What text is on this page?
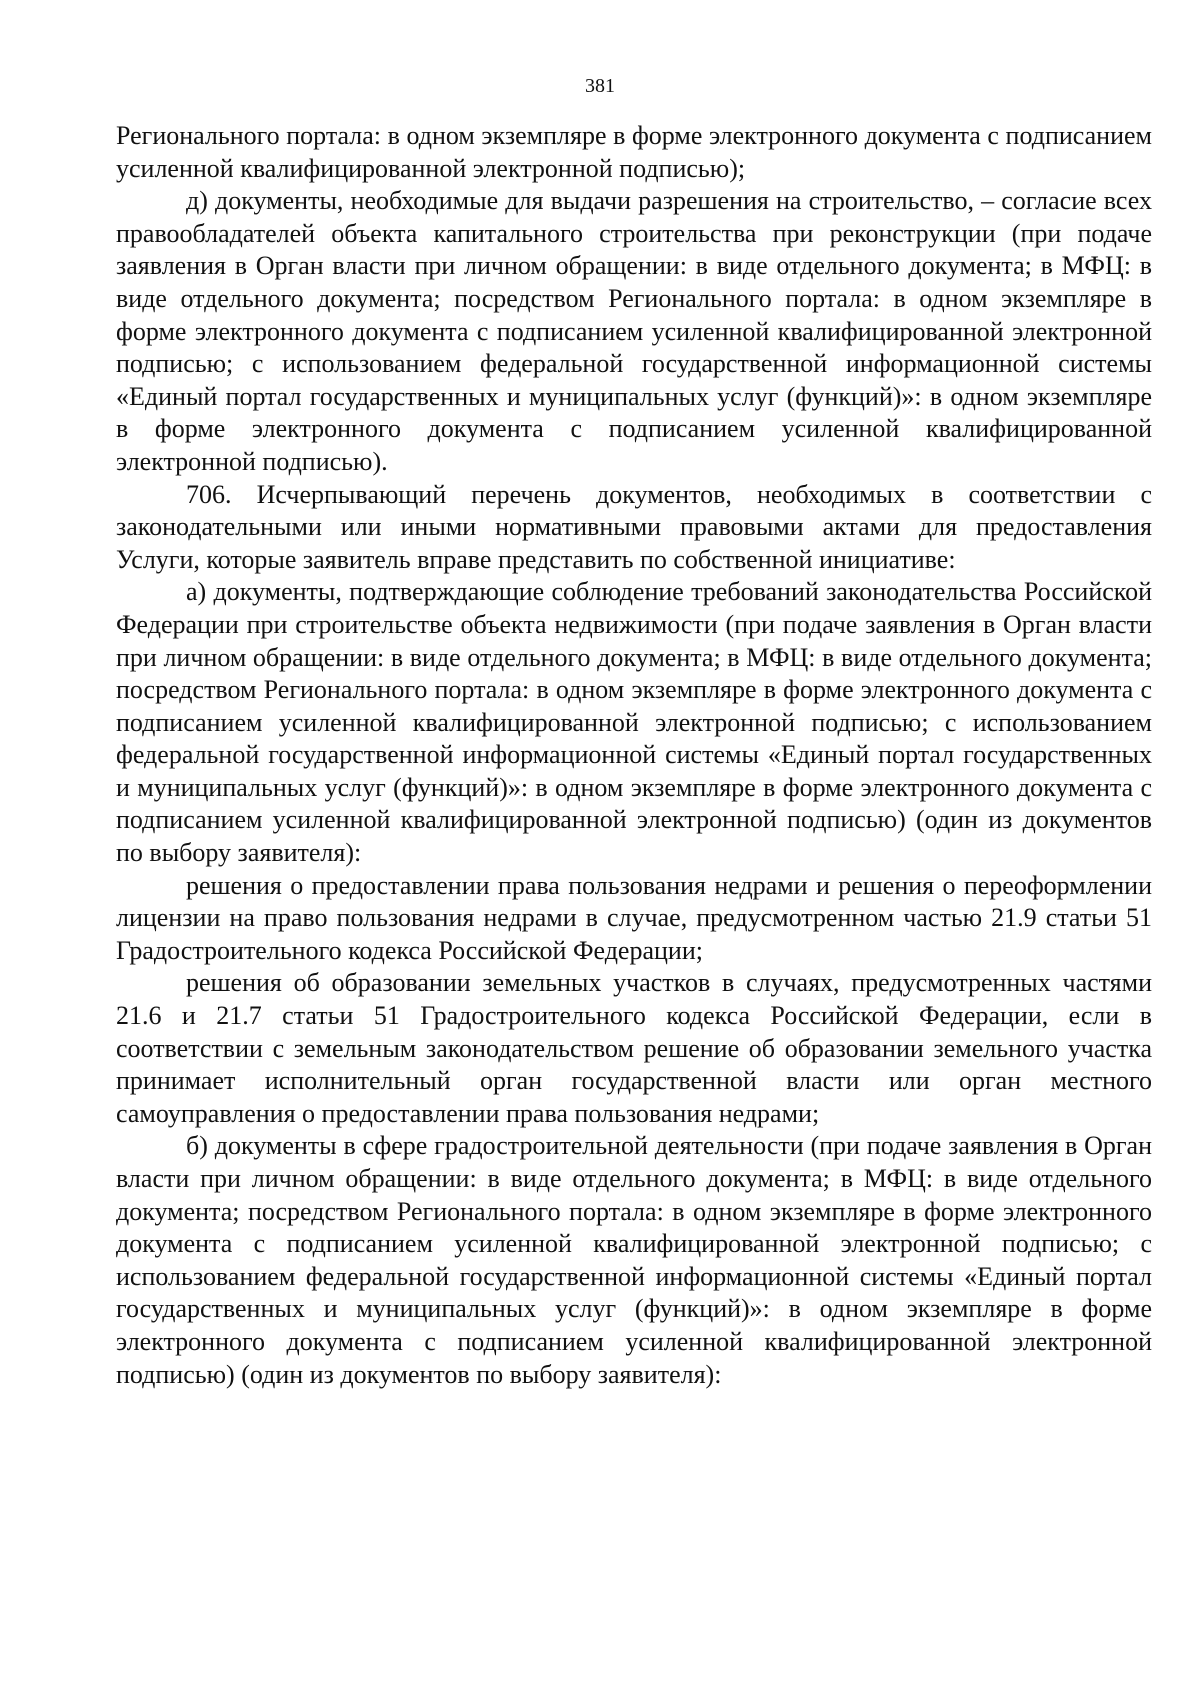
381

Регионального портала: в одном экземпляре в форме электронного документа с подписанием усиленной квалифицированной электронной подписью);

д) документы, необходимые для выдачи разрешения на строительство, – согласие всех правообладателей объекта капитального строительства при реконструкции (при подаче заявления в Орган власти при личном обращении: в виде отдельного документа; в МФЦ: в виде отдельного документа; посредством Регионального портала: в одном экземпляре в форме электронного документа с подписанием усиленной квалифицированной электронной подписью; с использованием федеральной государственной информационной системы «Единый портал государственных и муниципальных услуг (функций)»: в одном экземпляре в форме электронного документа с подписанием усиленной квалифицированной электронной подписью).

706. Исчерпывающий перечень документов, необходимых в соответствии с законодательными или иными нормативными правовыми актами для предоставления Услуги, которые заявитель вправе представить по собственной инициативе:

а) документы, подтверждающие соблюдение требований законодательства Российской Федерации при строительстве объекта недвижимости (при подаче заявления в Орган власти при личном обращении: в виде отдельного документа; в МФЦ: в виде отдельного документа; посредством Регионального портала: в одном экземпляре в форме электронного документа с подписанием усиленной квалифицированной электронной подписью; с использованием федеральной государственной информационной системы «Единый портал государственных и муниципальных услуг (функций)»: в одном экземпляре в форме электронного документа с подписанием усиленной квалифицированной электронной подписью) (один из документов по выбору заявителя):

решения о предоставлении права пользования недрами и решения о переоформлении лицензии на право пользования недрами в случае, предусмотренном частью 21.9 статьи 51 Градостроительного кодекса Российской Федерации;

решения об образовании земельных участков в случаях, предусмотренных частями 21.6 и 21.7 статьи 51 Градостроительного кодекса Российской Федерации, если в соответствии с земельным законодательством решение об образовании земельного участка принимает исполнительный орган государственной власти или орган местного самоуправления о предоставлении права пользования недрами;

б) документы в сфере градостроительной деятельности (при подаче заявления в Орган власти при личном обращении: в виде отдельного документа; в МФЦ: в виде отдельного документа; посредством Регионального портала: в одном экземпляре в форме электронного документа с подписанием усиленной квалифицированной электронной подписью; с использованием федеральной государственной информационной системы «Единый портал государственных и муниципальных услуг (функций)»: в одном экземпляре в форме электронного документа с подписанием усиленной квалифицированной электронной подписью) (один из документов по выбору заявителя):
